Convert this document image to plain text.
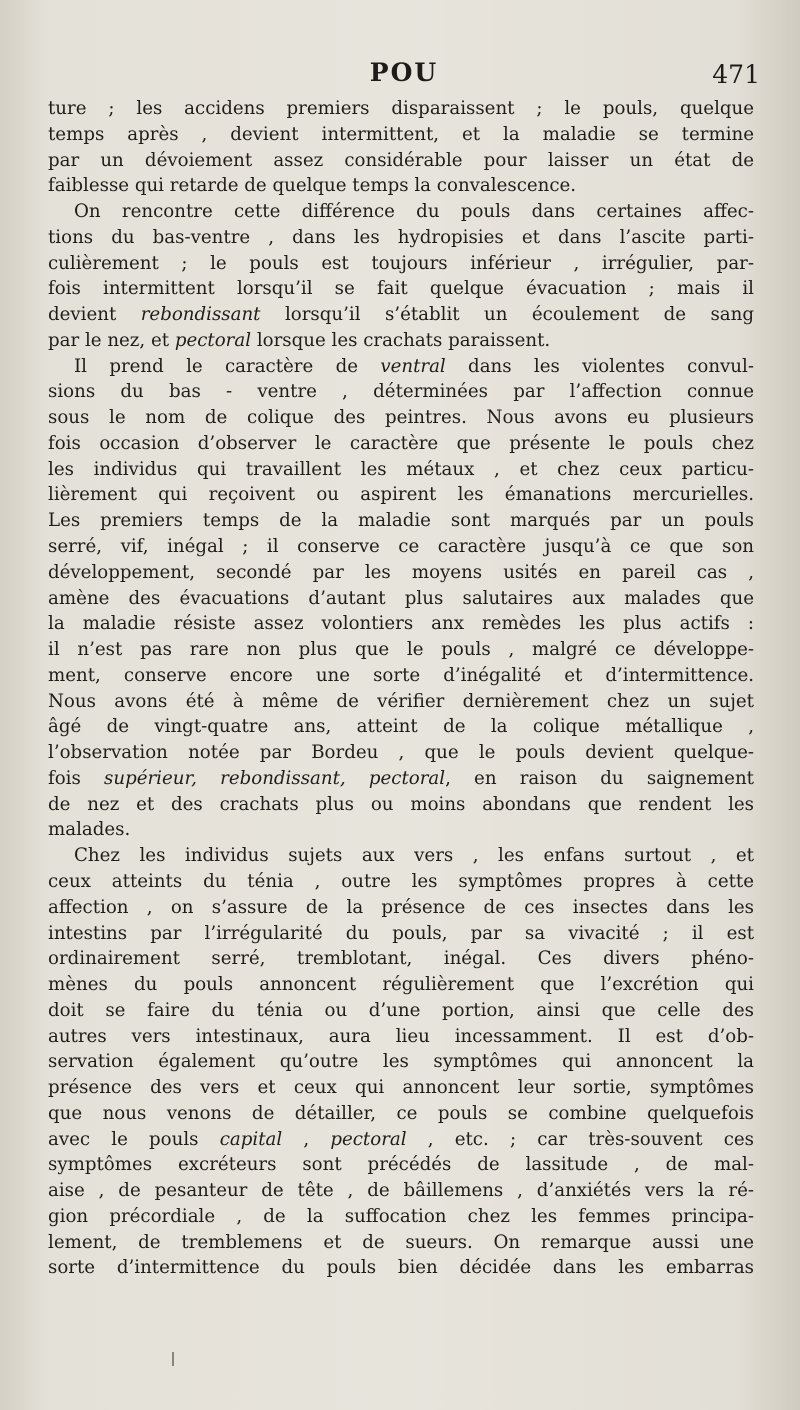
POU	471
ture ; les accidens premiers disparaissent ; le pouls, quelque
temps après , devient intermittent, et la maladie se termine
par un dévoiement assez considérable pour laisser un état de
faiblesse qui retarde de quelque temps la convalescence.
On rencontre cette différence du pouls dans certaines affec-
tions du bas-ventre , dans les hydropisies et dans l’ascite parti-
culièrement ; le pouls est toujours inférieur , irrégulier, par-
fois intermittent lorsqu’il se fait quelque évacuation ; mais il
devient rebondissant lorsqu’il s’établit un écoulement de sang
par le nez, et pectoral lorsque les crachats paraissent.
Il prend le caractère de ventral dans les violentes convul-
sions du bas - ventre , déterminées par l’affection connue
sous le nom de colique des peintres. Nous avons eu plusieurs
fois occasion d’observer le caractère que présente le pouls chez
les individus qui travaillent les métaux , et chez ceux particu-
lièrement qui reçoivent ou aspirent les émanations mercurielles.
Les premiers temps de la maladie sont marqués par un pouls
serré, vif, inégal ; il conserve ce caractère jusqu’à ce que son
développement, secondé par les moyens usités en pareil cas ,
amène des évacuations d’autant plus salutaires aux malades que
la maladie résiste assez volontiers anx remèdes les plus actifs :
il n’est pas rare non plus que le pouls , malgré ce développe-
ment, conserve encore une sorte d’inégalité et d’intermittence.
Nous avons été à même de vérifier dernièrement chez un sujet
âgé de vingt-quatre ans, atteint de la colique métallique ,
l’observation notée par Bordeu , que le pouls devient quelque-
fois supérieur, rebondissant, pectoral, en raison du saignement
de nez et des crachats plus ou moins abondans que rendent les
malades.
Chez les individus sujets aux vers , les enfans surtout , et
ceux atteints du ténia , outre les symptômes propres à cette
affection , on s’assure de la présence de ces insectes dans les
intestins par l’irrégularité du pouls, par sa vivacité ; il est
ordinairement serré, tremblotant, inégal. Ces divers phéno-
mènes du pouls annoncent régulièrement que l’excrétion qui
doit se faire du ténia ou d’une portion, ainsi que celle des
autres vers intestinaux, aura lieu incessamment. Il est d’ob-
servation également qu’outre les symptômes qui annoncent la
présence des vers et ceux qui annoncent leur sortie, symptômes
que nous venons de détailler, ce pouls se combine quelquefois
avec le pouls capital , pectoral , etc. ; car très-souvent ces
symptômes excréteurs sont précédés de lassitude , de mal-
aise , de pesanteur de tête , de bâillemens , d’anxiétés vers la ré-
gion précordiale , de la suffocation chez les femmes principa-
lement, de tremblemens et de sueurs. On remarque aussi une
sorte d’intermittence du pouls bien décidée dans les embarras
